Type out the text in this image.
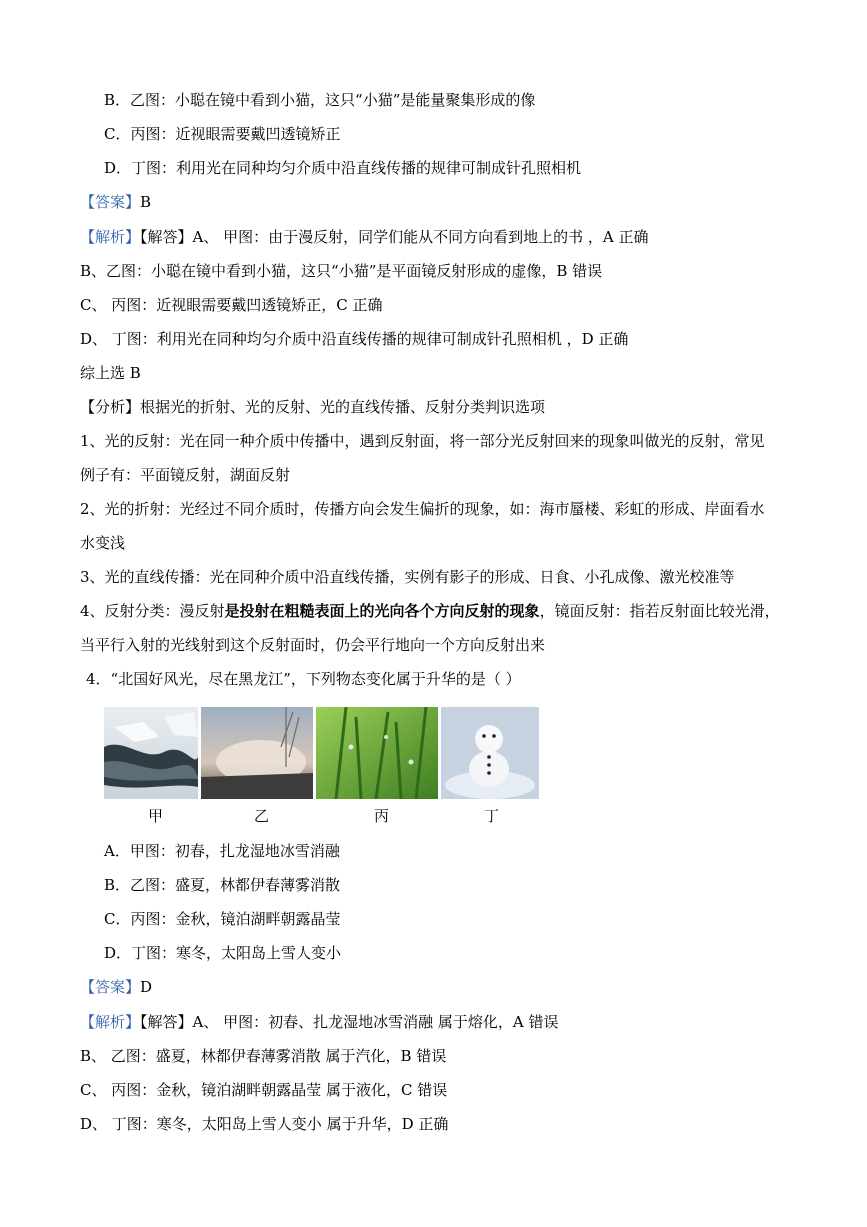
B．乙图：小聪在镜中看到小猫，这只“小猫”是能量聚集形成的像
C．丙图：近视眼需要戴凹透镜矫正
D．丁图：利用光在同种均匀介质中沿直线传播的规律可制成针孔照相机
【答案】B
【解析】【解答】A、 甲图：由于漫反射，同学们能从不同方向看到地上的书 ，A 正确
B、乙图：小聪在镜中看到小猫，这只“小猫”是平面镜反射形成的虚像，B 错误
C、 丙图：近视眼需要戴凹透镜矫正，C 正确
D、 丁图：利用光在同种均匀介质中沿直线传播的规律可制成针孔照相机 ，D 正确
综上选 B
【分析】根据光的折射、光的反射、光的直线传播、反射分类判识选项
1、光的反射：光在同一种介质中传播中，遇到反射面，将一部分光反射回来的现象叫做光的反射，常见
例子有：平面镜反射，湖面反射
2、光的折射：光经过不同介质时，传播方向会发生偏折的现象，如：海市蜃楼、彩虹的形成、岸面看水
水变浅
3、光的直线传播：光在同种介质中沿直线传播，实例有影子的形成、日食、小孔成像、激光校准等
4、反射分类：漫反射是投射在粗糙表面上的光向各个方向反射的现象，镜面反射：指若反射面比较光滑，
当平行入射的光线射到这个反射面时，仍会平行地向一个方向反射出来
4．“北国好风光，尽在黑龙江”，下列物态变化属于升华的是（ ）
甲	乙	丙	丁
A．甲图：初春，扎龙湿地冰雪消融
B．乙图：盛夏，林都伊春薄雾消散
C．丙图：金秋，镜泊湖畔朝露晶莹
D．丁图：寒冬，太阳岛上雪人变小
【答案】D
【解析】【解答】A、 甲图：初春、扎龙湿地冰雪消融 属于熔化，A 错误
B、 乙图：盛夏，林都伊春薄雾消散 属于汽化，B 错误
C、 丙图：金秋，镜泊湖畔朝露晶莹 属于液化，C 错误
D、 丁图：寒冬，太阳岛上雪人变小 属于升华，D 正确
